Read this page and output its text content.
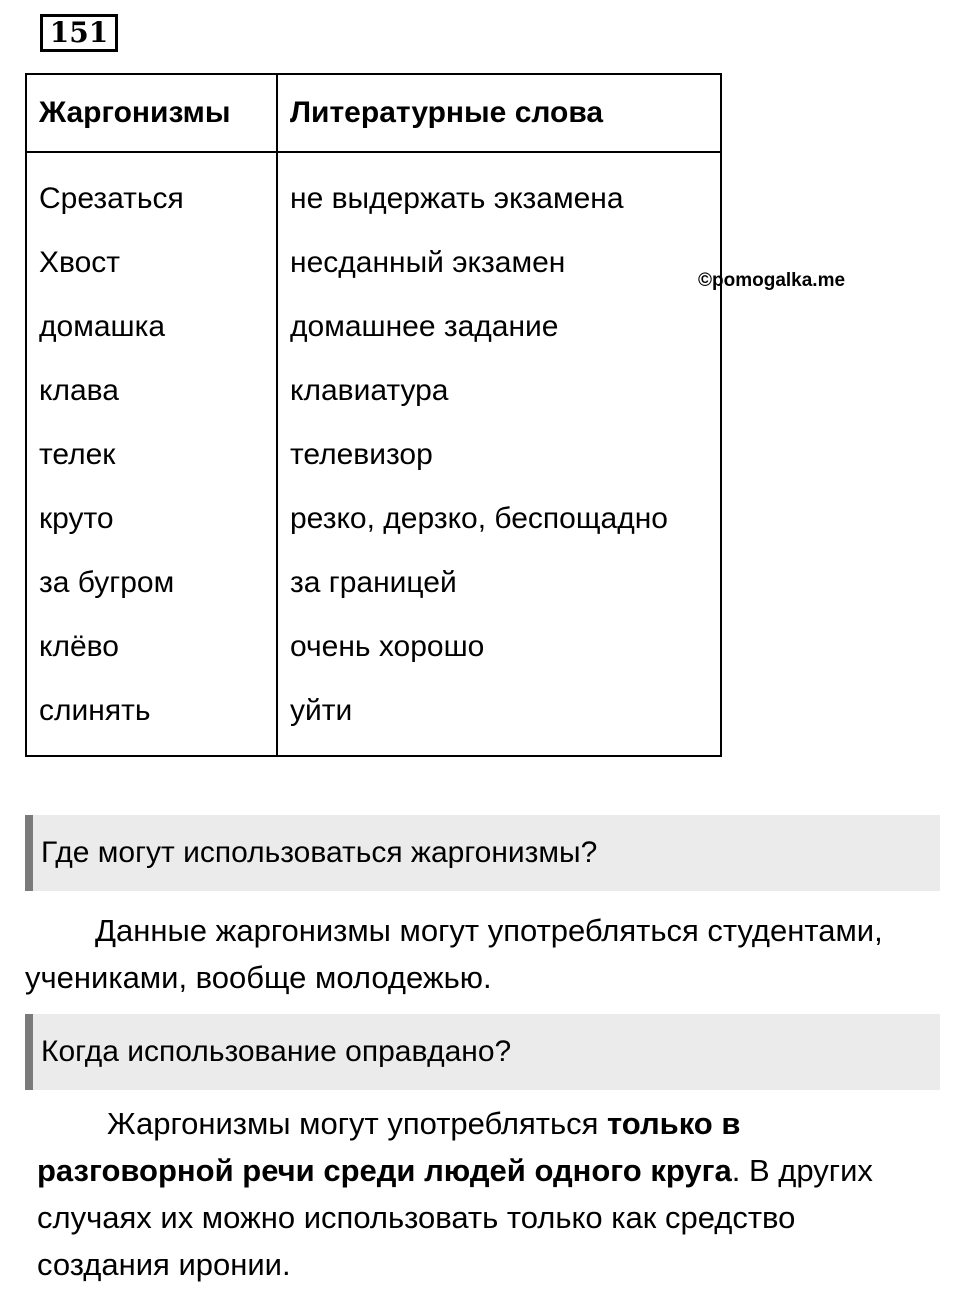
151
Жаргонизмы	Литературные слова
Срезаться	не выдержать экзамена
Хвост	несданный экзамен
домашка	домашнее задание
клава	клавиатура
телек	телевизор
круто	резко, дерзко, беспощадно
за бугром	за границей
клёво	очень хорошо
слинять	уйти
©pomogalka.me
Где могут использоваться жаргонизмы?

Данные жаргонизмы могут употребляться студентами, учениками, вообще молодежью.

Когда использование оправдано?

Жаргонизмы могут употребляться только в разговорной речи среди людей одного круга. В других случаях их можно использовать только как средство создания иронии.
